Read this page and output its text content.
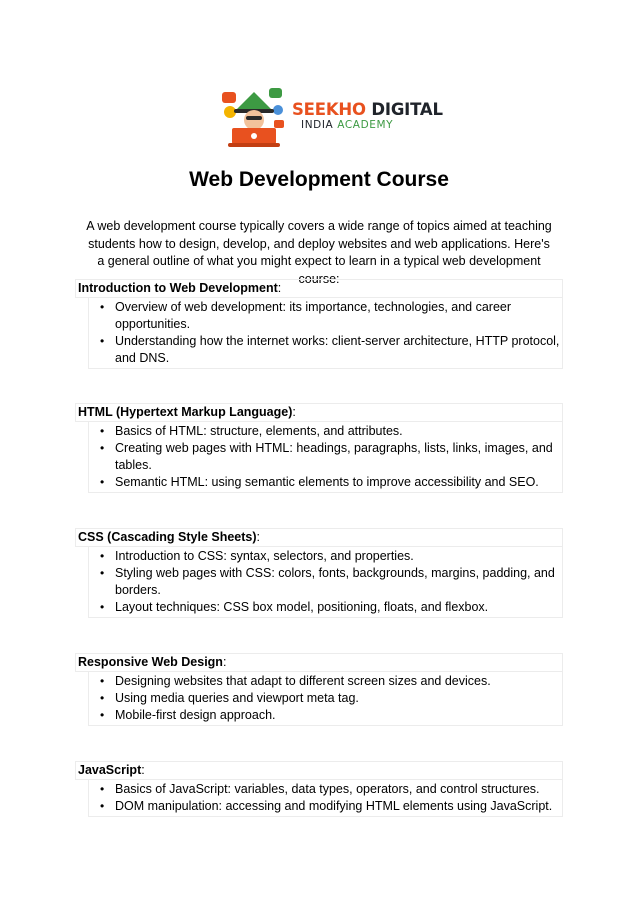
SEEKHO DIGITAL
INDIA ACADEMY
Web Development Course

A web development course typically covers a wide range of topics aimed at teaching students how to design, develop, and deploy websites and web applications. Here's a general outline of what you might expect to learn in a typical web development course:

Introduction to Web Development:
• Overview of web development: its importance, technologies, and career opportunities.
• Understanding how the internet works: client-server architecture, HTTP protocol, and DNS.
HTML (Hypertext Markup Language):
• Basics of HTML: structure, elements, and attributes.
• Creating web pages with HTML: headings, paragraphs, lists, links, images, and tables.
• Semantic HTML: using semantic elements to improve accessibility and SEO.
CSS (Cascading Style Sheets):
• Introduction to CSS: syntax, selectors, and properties.
• Styling web pages with CSS: colors, fonts, backgrounds, margins, padding, and borders.
• Layout techniques: CSS box model, positioning, floats, and flexbox.
Responsive Web Design:
• Designing websites that adapt to different screen sizes and devices.
• Using media queries and viewport meta tag.
• Mobile-first design approach.
JavaScript:
• Basics of JavaScript: variables, data types, operators, and control structures.
• DOM manipulation: accessing and modifying HTML elements using JavaScript.
